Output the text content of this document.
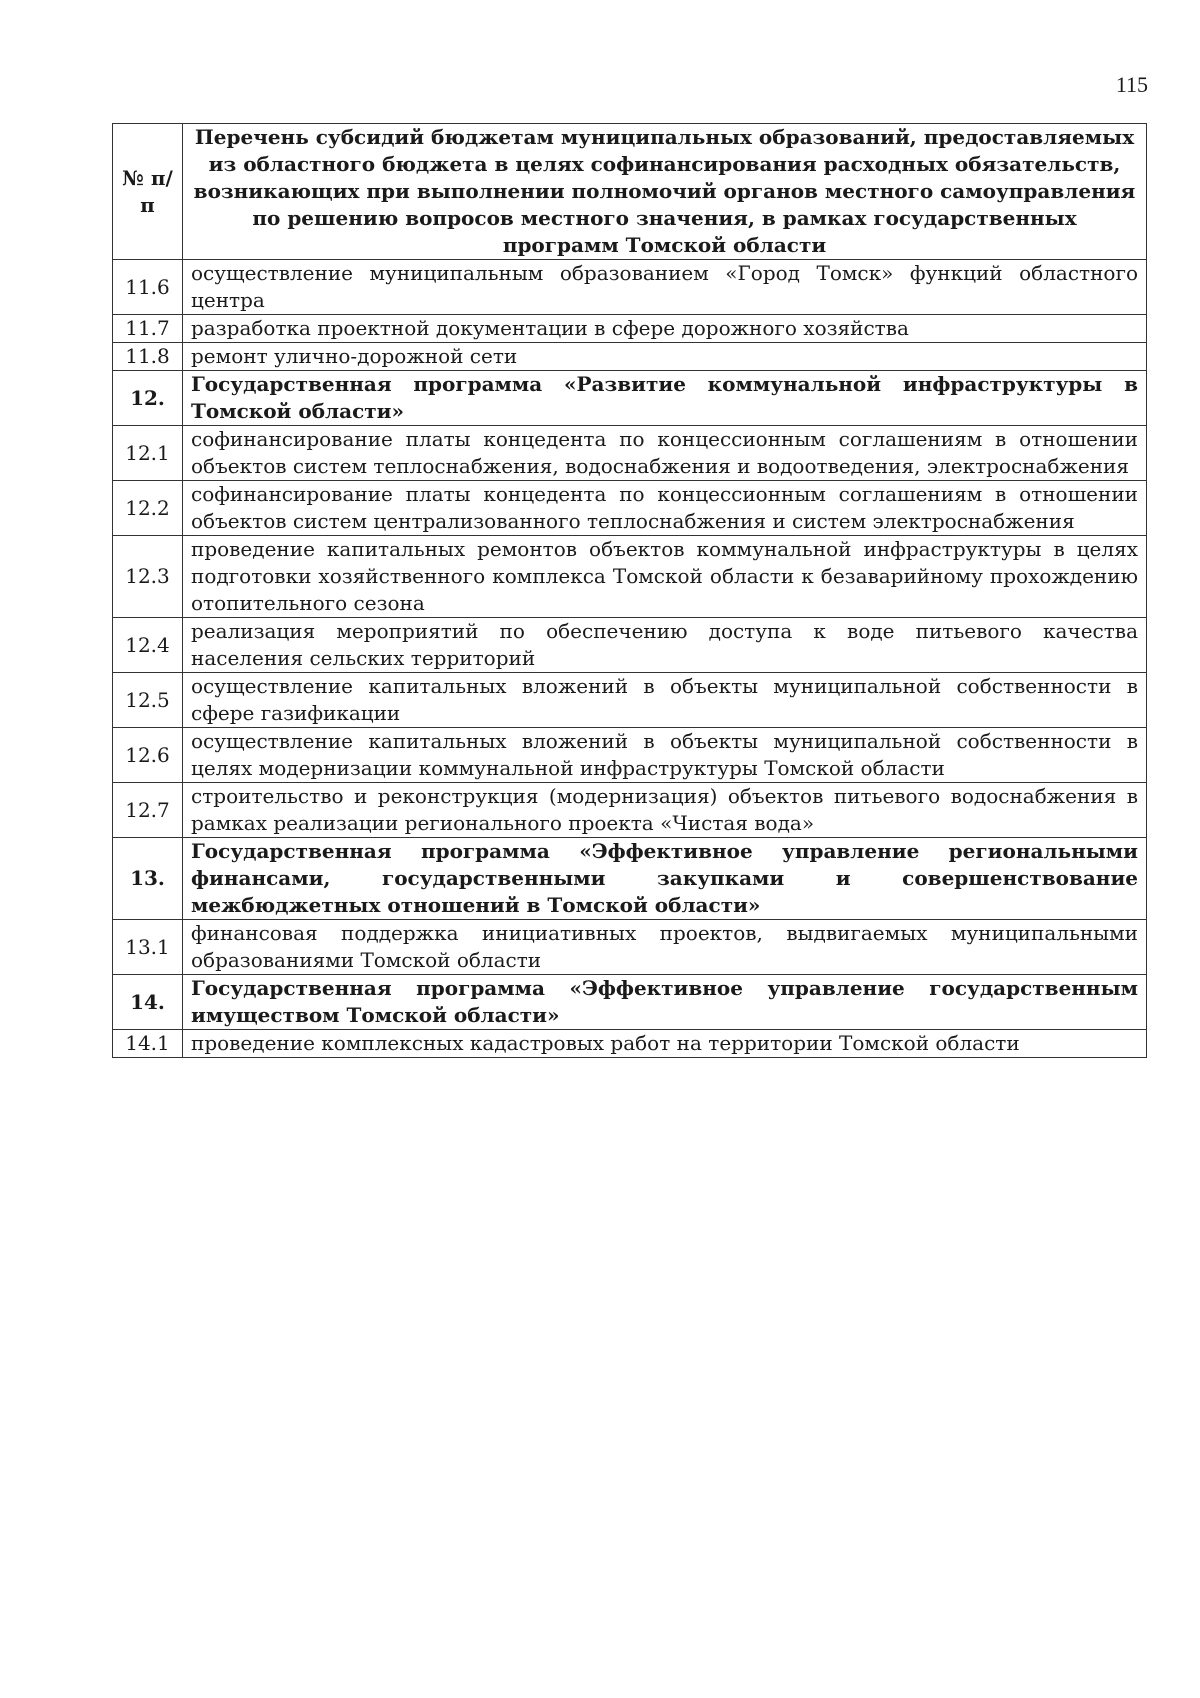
115
№ п/п	Перечень субсидий бюджетам муниципальных образований, предоставляемых из областного бюджета в целях софинансирования расходных обязательств, возникающих при выполнении полномочий органов местного самоуправления по решению вопросов местного значения, в рамках государственных программ Томской области
11.6	осуществление муниципальным образованием «Город Томск» функций областного центра
11.7	разработка проектной документации в сфере дорожного хозяйства
11.8	ремонт улично-дорожной сети
12.	Государственная программа «Развитие коммунальной инфраструктуры в Томской области»
12.1	софинансирование платы концедента по концессионным соглашениям в отношении объектов систем теплоснабжения, водоснабжения и водоотведения, электроснабжения
12.2	софинансирование платы концедента по концессионным соглашениям в отношении объектов систем централизованного теплоснабжения и систем электроснабжения
12.3	проведение капитальных ремонтов объектов коммунальной инфраструктуры в целях подготовки хозяйственного комплекса Томской области к безаварийному прохождению отопительного сезона
12.4	реализация мероприятий по обеспечению доступа к воде питьевого качества населения сельских территорий
12.5	осуществление капитальных вложений в объекты муниципальной собственности в сфере газификации
12.6	осуществление капитальных вложений в объекты муниципальной собственности в целях модернизации коммунальной инфраструктуры Томской области
12.7	строительство и реконструкция (модернизация) объектов питьевого водоснабжения в рамках реализации регионального проекта «Чистая вода»
13.	Государственная программа «Эффективное управление региональными финансами, государственными закупками и совершенствование межбюджетных отношений в Томской области»
13.1	финансовая поддержка инициативных проектов, выдвигаемых муниципальными образованиями Томской области
14.	Государственная программа «Эффективное управление государственным имуществом Томской области»
14.1	проведение комплексных кадастровых работ на территории Томской области
